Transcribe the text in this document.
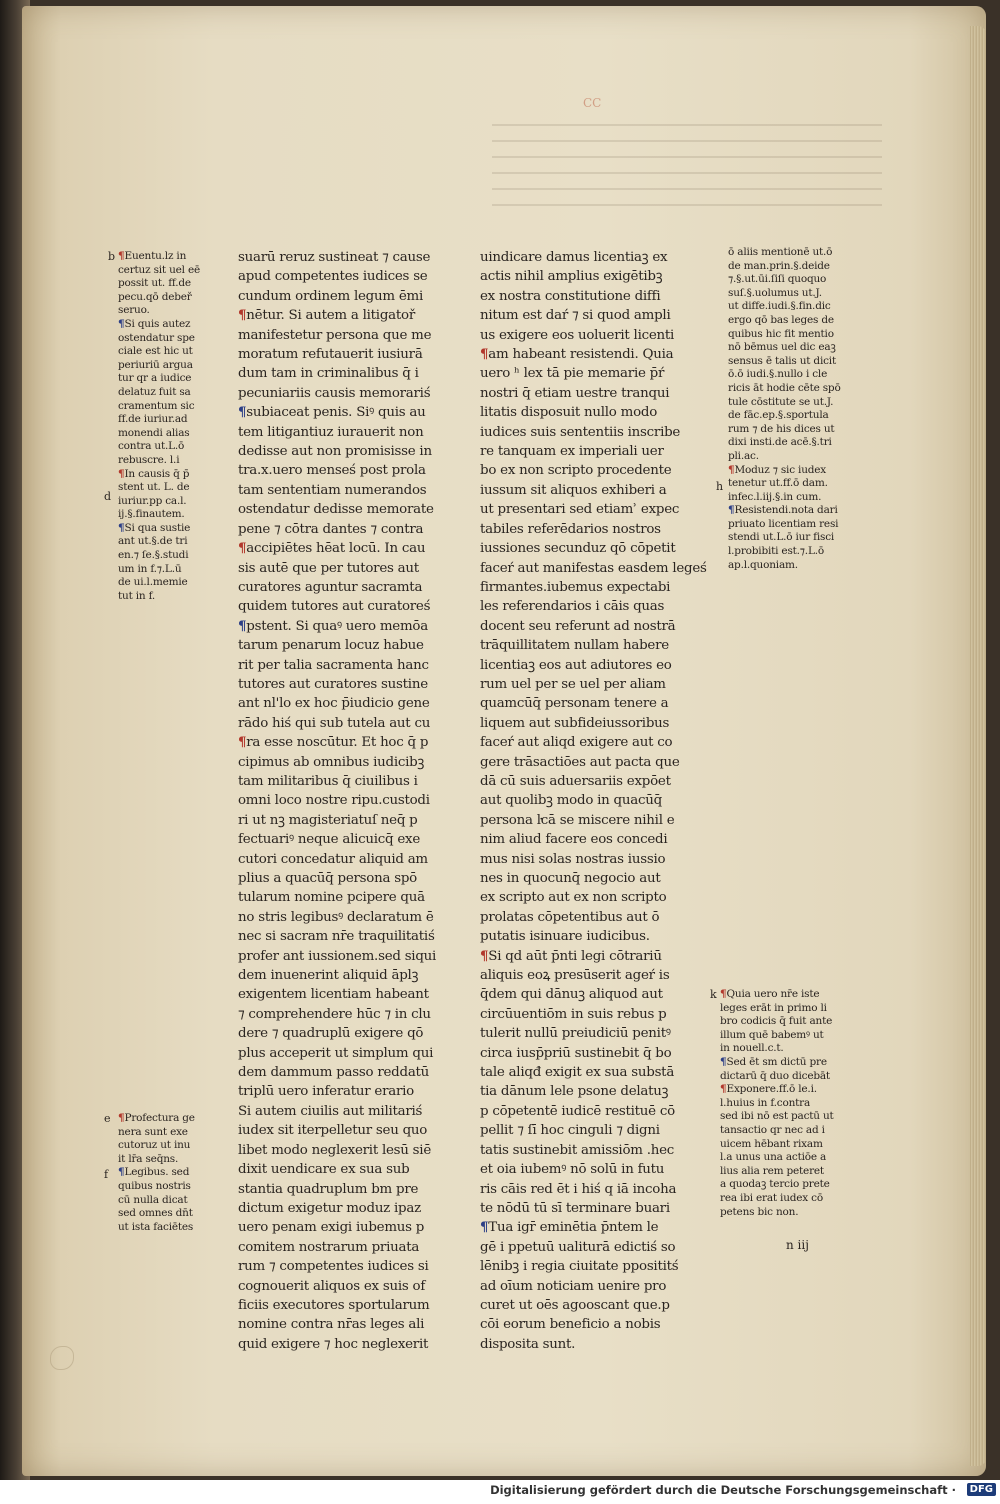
CC
¶Euentu.lz in
certuz sit uel eē
possit ut. ff.de
pecu.qō debeř
seruo.
¶Si quis autez
ostendatur spe
ciale est hic ut
periuriū argua
tur qr a iudice
delatuz fuit sa
cramentum sic
ff.de iuriur.ad
monendi alias
contra ut.L.ō
rebuscre. l.i
¶In causis q̄ p̄
stent ut. L. de
iuriur.pp ca.l.
ij.§.finautem.
¶Si qua sustie
ant ut.§.de tri
en.⁊ ſe.§.studi
um in f.⁊.L.ū
de ui.l.memie
tut in f.
¶Profectura ge
nera sunt exe
cutoruz ut inu
it lr̄a seq̄ns.
¶Legibus. sed
quibus nostris
cū nulla dicat
sed omnes dn̄t
ut ista faciētes
suarū reruz sustineat ⁊ cause
apud competentes iudices se
cundum ordinem legum ēmi
¶nētur. Si autem a litigatoř
manifestetur persona que me
moratum refutauerit iusiurā
dum tam in criminalibus q̄ i
pecuniariis causis memorariś
¶subiaceat penis. Siꝰ quis au
tem litigantiuz iurauerit non
dedisse aut non promisisse in
tra.x.uero menseś post prola
tam sententiam numerandos
ostendatur dedisse memorate
pene ⁊ cōtra dantes ⁊ contra
¶accipiētes hēat locū. In cau
sis autē que per tutores aut
curatores aguntur sacramta
quidem tutores aut curatoreś
¶pstent. Si quaꝰ uero memōa
tarum penarum locuz habue
rit per talia sacramenta hanc
tutores aut curatores sustine
ant nl'lo ex hoc p̄iudicio gene
rādo hiś qui sub tutela aut cu
¶ra esse noscūtur. Et hoc q̄ p
cipimus ab omnibus iudicibꝫ
tam militaribus q̄ ciuilibus i
omni loco nostre ripu.custodi
ri ut nꝫ magisteriatuſ neq̄ p
fectuariꝰ neque alicuicq̄ exe
cutori concedatur aliquid am
plius a quacūq̄ persona spō
tularum nomine pcipere quā
no stris legibusꝰ declaratum ē
nec si sacram nr̄e traquilitatiś
profer ant iussionem.sed siqui
dem inuenerint aliquid āplꝫ
exigentem licentiam habeant
⁊ comprehendere hūc ⁊ in clu
dere ⁊ quadruplū exigere qō
plus acceperit ut simplum qui
dem dammum passo reddatū
triplū uero inferatur erario
Si autem ciuilis aut militariś
iudex sit iterpelletur seu quo
libet modo neglexerit lesū siē
dixit uendicare ex sua sub
stantia quadruplum bm pre
dictum exigetur moduz ipaz
uero penam exigi iubemus p
comitem nostrarum priuata
rum ⁊ competentes iudices si
cognouerit aliquos ex suis of
ficiis executores sportularum
nomine contra nr̄as leges ali
quid exigere ⁊ hoc neglexerit
uindicare damus licentiaꝫ ex
actis nihil amplius exigētibꝫ
ex nostra constitutione diffi
nitum est daŕ ⁊ si quod ampli
us exigere eos uoluerit licenti
¶am habeant resistendi. Quia
uero ʰ lex tā pie memarie p̄ŕ
nostri q̄ etiam uestre tranqui
litatis disposuit nullo modo
iudices suis sententiis inscribe
re tanquam ex imperiali uer
bo ex non scripto procedente
iussum sit aliquos exhiberi a
ut presentari sed etiamʾ expec
tabiles referēdarios nostros
iussiones secunduz qō cōpetit
faceŕ aut manifestas easdem legeś
firmantes.iubemus expectabi
les referendarios i cāis quas
docent seu referunt ad nostrā
trāquillitatem nullam habere
licentiaꝫ eos aut adiutores eo
rum uel per se uel per aliam
quamcūq̄ personam tenere a
liquem aut subfideiussoribus
faceŕ aut aliqd exigere aut co
gere trāsactiōes aut pacta que
dā cū suis aduersariis expōet
aut quolibꝫ modo in quacūq̄
persona ŀcā se miscere nihil e
nim aliud facere eos concedi
mus nisi solas nostras iussio
nes in quocunq̄ negocio aut
ex scripto aut ex non scripto
prolatas cōpetentibus aut ō
putatis isinuare iudicibus.
¶Si qd aūt p̄nti legi cōtrariū
aliquis eoꝝ presūserit ageŕ is
q̄dem qui dānuꝫ aliquod aut
circūuentiōm in suis rebus p
tulerit nullū preiudiciū penitꝰ
circa iusp̄priū sustinebit q̄ bo
tale aliqđ exigit ex sua substā
tia dānum lele psone delatuꝫ
p cōpetentē iudicē restituē cō
pellit ⁊ ſī hoc cinguli ⁊ digni
tatis sustinebit amissiōm .hec
et oia iubemꝰ nō solū in futu
ris cāis red ēt i hiś q iā incoha
te nōdū tū sī terminare buari
¶Tua igr̄ eminētia p̄ntem le
gē i ppetuū ualiturā edictiś so
lēnibꝫ i regia ciuitate pposititś
ad oīum noticiam uenire pro
curet ut oēs agooscant que.p
cōi eorum beneficio a nobis
disposita sunt.
ō aliis mentionē ut.ō
de man.prin.§.deide
⁊.§.ut.ūi.ſiſi quoquo
suſ.§.uolumus ut.J.
ut diffe.iudi.§.fin.dic
ergo qō bas leges de
quibus hic fit mentio
nō bēmus uel dic eaꝫ
sensus ē talis ut dicit
ō.ō iudi.§.nullo i cle
ricis āt hodie cēte spō
tule cōstitute se ut.J.
de fāc.ep.§.sportula
rum ⁊ de his dices ut
dixi insti.de acē.§.tri
pli.ac.
¶Moduz ⁊ sic iudex
tenetur ut.ff.ō dam.
infec.l.iij.§.in cum.
¶Resistendi.nota dari
priuato licentiam resi
stendi ut.L.ō iur fisci
l.probibiti est.⁊.L.ō
ap.l.quoniam.
¶Quia uero nr̄e iste
leges erāt in primo li
bro codicis q̄ fuit ante
illum quē babemꝰ ut
in nouell.c.t.
¶Sed ēt sm dictū pre
dictarū q̄ duo dicebāt
¶Exponere.ff.ō le.i.
l.huius in f.contra
sed ibi nō est pactū ut
tansactio qr nec ad i
uicem hēbant rixam
l.a unus una actiōe a
lius alia rem peteret
a quodaꝫ tercio prete
rea ibi erat iudex cō
petens bic non.
b
d
e
f
h
k
n iij
Digitalisierung gefördert durch die Deutsche Forschungsgemeinschaft ·	DFG
